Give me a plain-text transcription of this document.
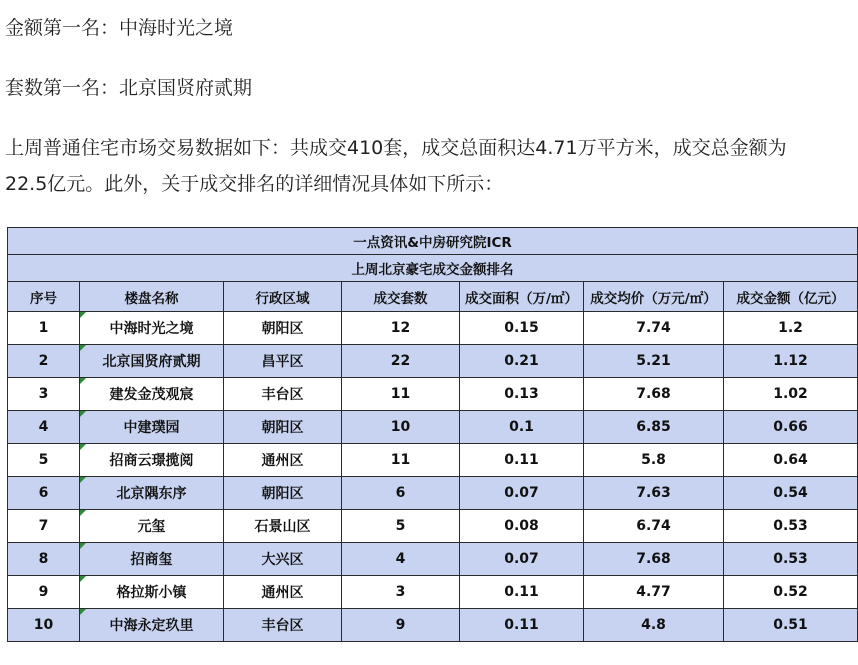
金额第一名：中海时光之境
套数第一名：北京国贤府贰期
上周普通住宅市场交易数据如下：共成交410套，成交总面积达4.71万平方米，成交总金额为22.5亿元。此外，关于成交排名的详细情况具体如下所示：
一点资讯&中房研究院ICR						
上周北京豪宅成交金额排名						
序号	楼盘名称	行政区域	成交套数	成交面积（万/㎡）	成交均价（万元/㎡）	成交金额（亿元）
1	中海时光之境	朝阳区	12	0.15	7.74	1.2
2	北京国贤府贰期	昌平区	22	0.21	5.21	1.12
3	建发金茂观宸	丰台区	11	0.13	7.68	1.02
4	中建璞园	朝阳区	10	0.1	6.85	0.66
5	招商云璟揽阅	通州区	11	0.11	5.8	0.64
6	北京隅东序	朝阳区	6	0.07	7.63	0.54
7	元玺	石景山区	5	0.08	6.74	0.53
8	招商玺	大兴区	4	0.07	7.68	0.53
9	格拉斯小镇	通州区	3	0.11	4.77	0.52
10	中海永定玖里	丰台区	9	0.11	4.8	0.51
